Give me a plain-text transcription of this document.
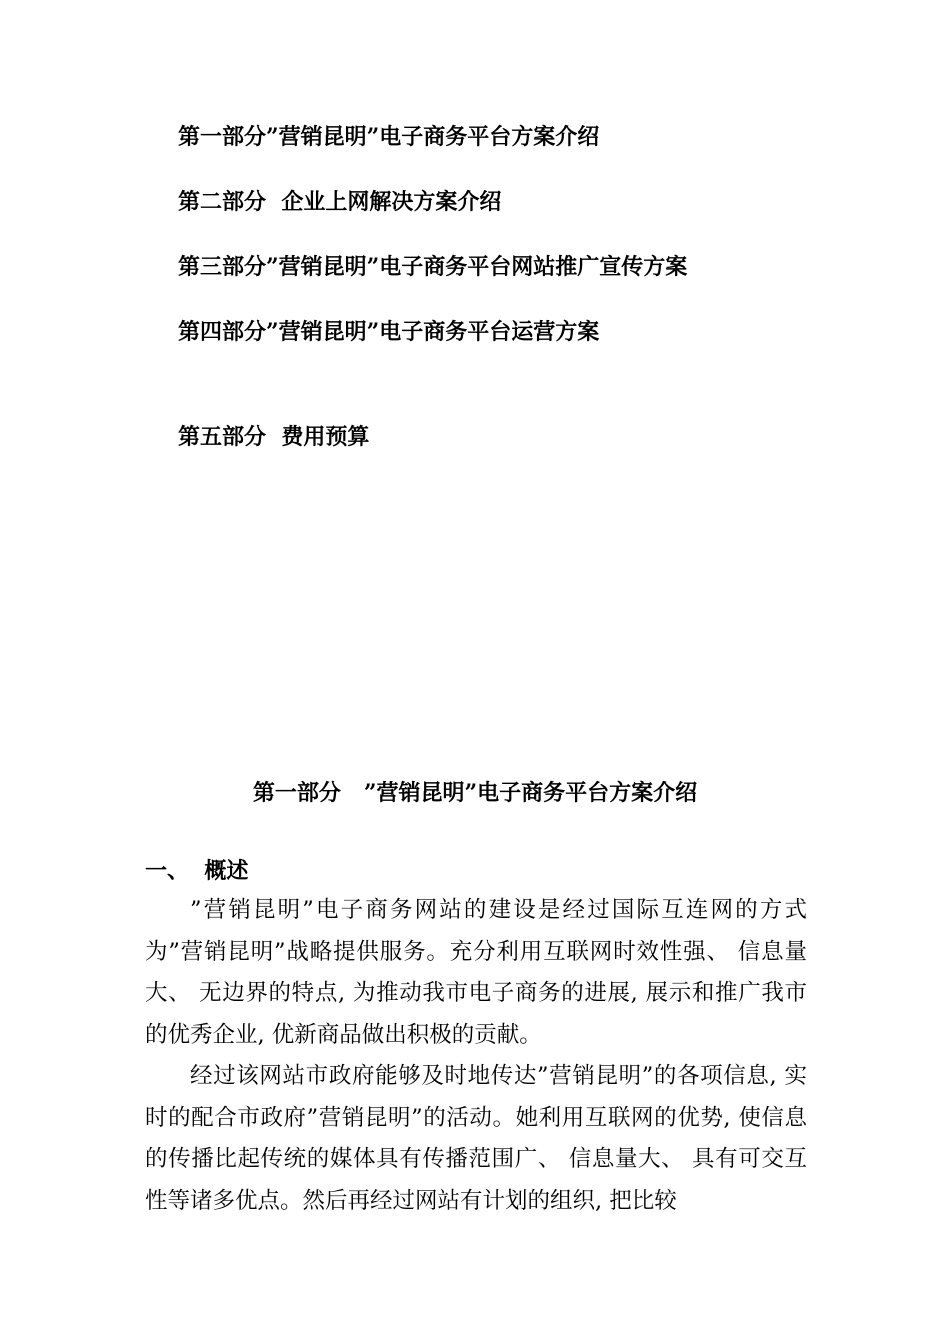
第一部分”营销昆明”电子商务平台方案介绍

第二部分  企业上网解决方案介绍

第三部分”营销昆明”电子商务平台网站推广宣传方案

第四部分”营销昆明”电子商务平台运营方案

第五部分  费用预算

第一部分   ”营销昆明”电子商务平台方案介绍

一、  概述

”营销昆明”电子商务网站的建设是经过国际互连网的方式为”营销昆明”战略提供服务。充分利用互联网时效性强、 信息量大、 无边界的特点, 为推动我市电子商务的进展, 展示和推广我市的优秀企业, 优新商品做出积极的贡献。

经过该网站市政府能够及时地传达”营销昆明”的各项信息, 实时的配合市政府”营销昆明”的活动。她利用互联网的优势, 使信息的传播比起传统的媒体具有传播范围广、 信息量大、 具有可交互性等诸多优点。然后再经过网站有计划的组织, 把比较
